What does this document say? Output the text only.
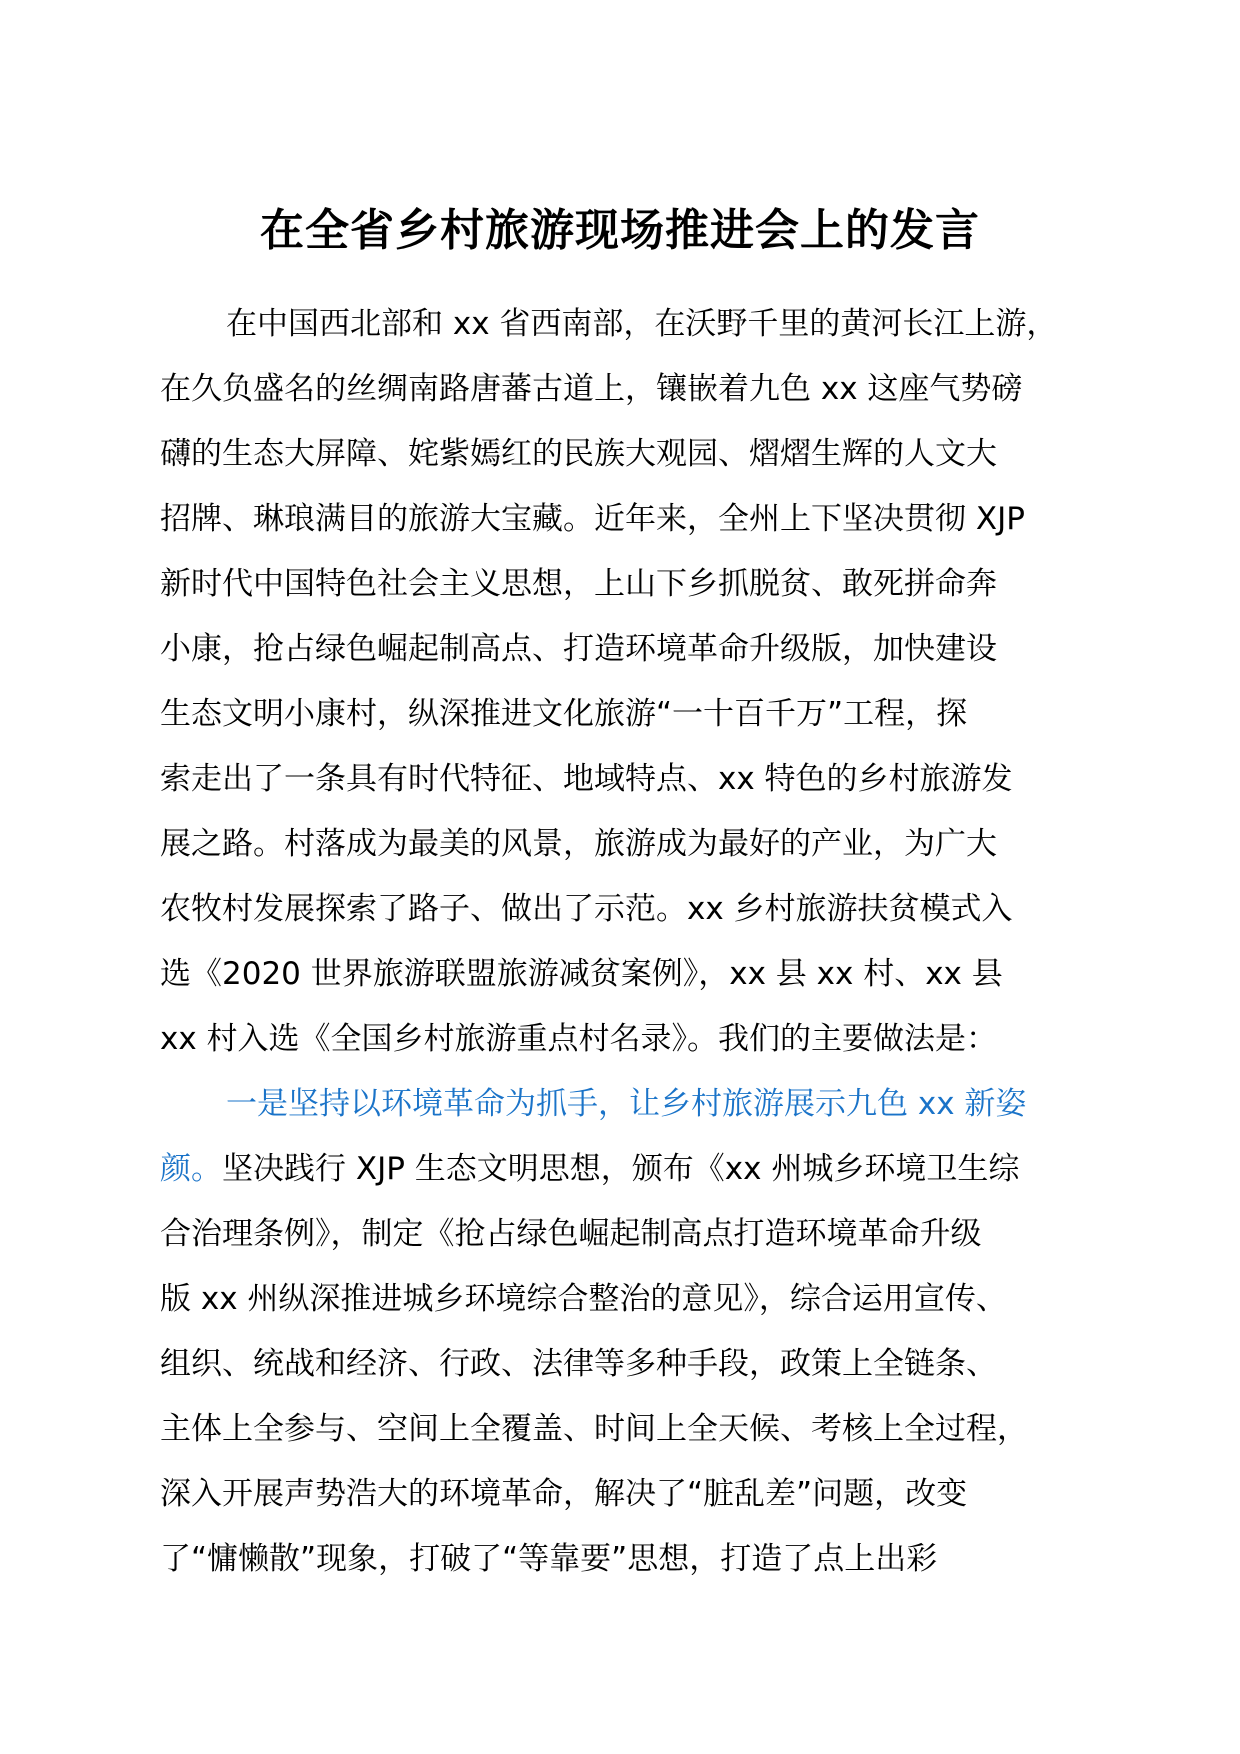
在全省乡村旅游现场推进会上的发言
在中国西北部和 xx 省西南部，在沃野千里的黄河长江上游，
在久负盛名的丝绸南路唐蕃古道上，镶嵌着九色 xx 这座气势磅
礴的生态大屏障、姹紫嫣红的民族大观园、熠熠生辉的人文大
招牌、琳琅满目的旅游大宝藏。近年来，全州上下坚决贯彻 XJP
新时代中国特色社会主义思想，上山下乡抓脱贫、敢死拼命奔
小康，抢占绿色崛起制高点、打造环境革命升级版，加快建设
生态文明小康村，纵深推进文化旅游“一十百千万”工程，探
索走出了一条具有时代特征、地域特点、xx 特色的乡村旅游发
展之路。村落成为最美的风景，旅游成为最好的产业，为广大
农牧村发展探索了路子、做出了示范。xx 乡村旅游扶贫模式入
选《2020 世界旅游联盟旅游减贫案例》，xx 县 xx 村、xx 县
xx 村入选《全国乡村旅游重点村名录》。我们的主要做法是：
一是坚持以环境革命为抓手，让乡村旅游展示九色 xx 新姿
颜。坚决践行 XJP 生态文明思想，颁布《xx 州城乡环境卫生综
合治理条例》，制定《抢占绿色崛起制高点打造环境革命升级
版 xx 州纵深推进城乡环境综合整治的意见》，综合运用宣传、
组织、统战和经济、行政、法律等多种手段，政策上全链条、
主体上全参与、空间上全覆盖、时间上全天候、考核上全过程，
深入开展声势浩大的环境革命，解决了“脏乱差”问题，改变
了“慵懒散”现象，打破了“等靠要”思想，打造了点上出彩
